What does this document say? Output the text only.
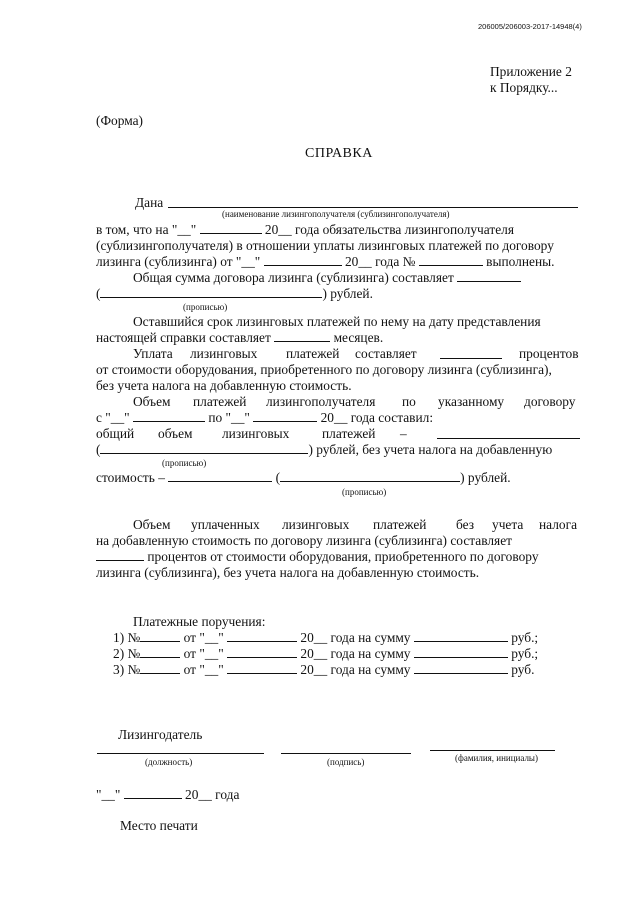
206005/206003-2017-14948(4)
Приложение 2
к Порядку...
(Форма)
СПРАВКА
Дана
(наименование лизингополучателя (сублизингополучателя)
в том, что на "__"	20__ года обязательства лизингополучателя
(сублизингополучателя) в отношении уплаты лизинговых платежей по договору
лизинга (сублизинга) от "__"	20__ года №	выполнены.
Общая сумма договора лизинга (сублизинга) составляет
(	) рублей.
(прописью)
Оставшийся срок лизинговых платежей по нему на дату представления
настоящей справки составляет	месяцев.
Уплата лизинговых платежей составляет	процентов
от стоимости оборудования, приобретенного по договору лизинга (сублизинга),
без учета налога на добавленную стоимость.
Объем платежей лизингополучателя по указанному договору
с "__"	по "__"	20__ года составил:
общий объем лизинговых платежей –
(	) рублей, без учета налога на добавленную
(прописью)
стоимость –	(	) рублей.
(прописью)
Объем уплаченных лизинговых платежей без учета налога
на добавленную стоимость по договору лизинга (сублизинга) составляет
процентов от стоимости оборудования, приобретенного по договору
лизинга (сублизинга), без учета налога на добавленную стоимость.
Платежные поручения:
1) №	от "__"	20__ года на сумму	руб.;
2) №	от "__"	20__ года на сумму	руб.;
3) №	от "__"	20__ года на сумму	руб.
Лизингодатель
(должность)	(подпись)	(фамилия, инициалы)
"__"	20__ года
Место печати
